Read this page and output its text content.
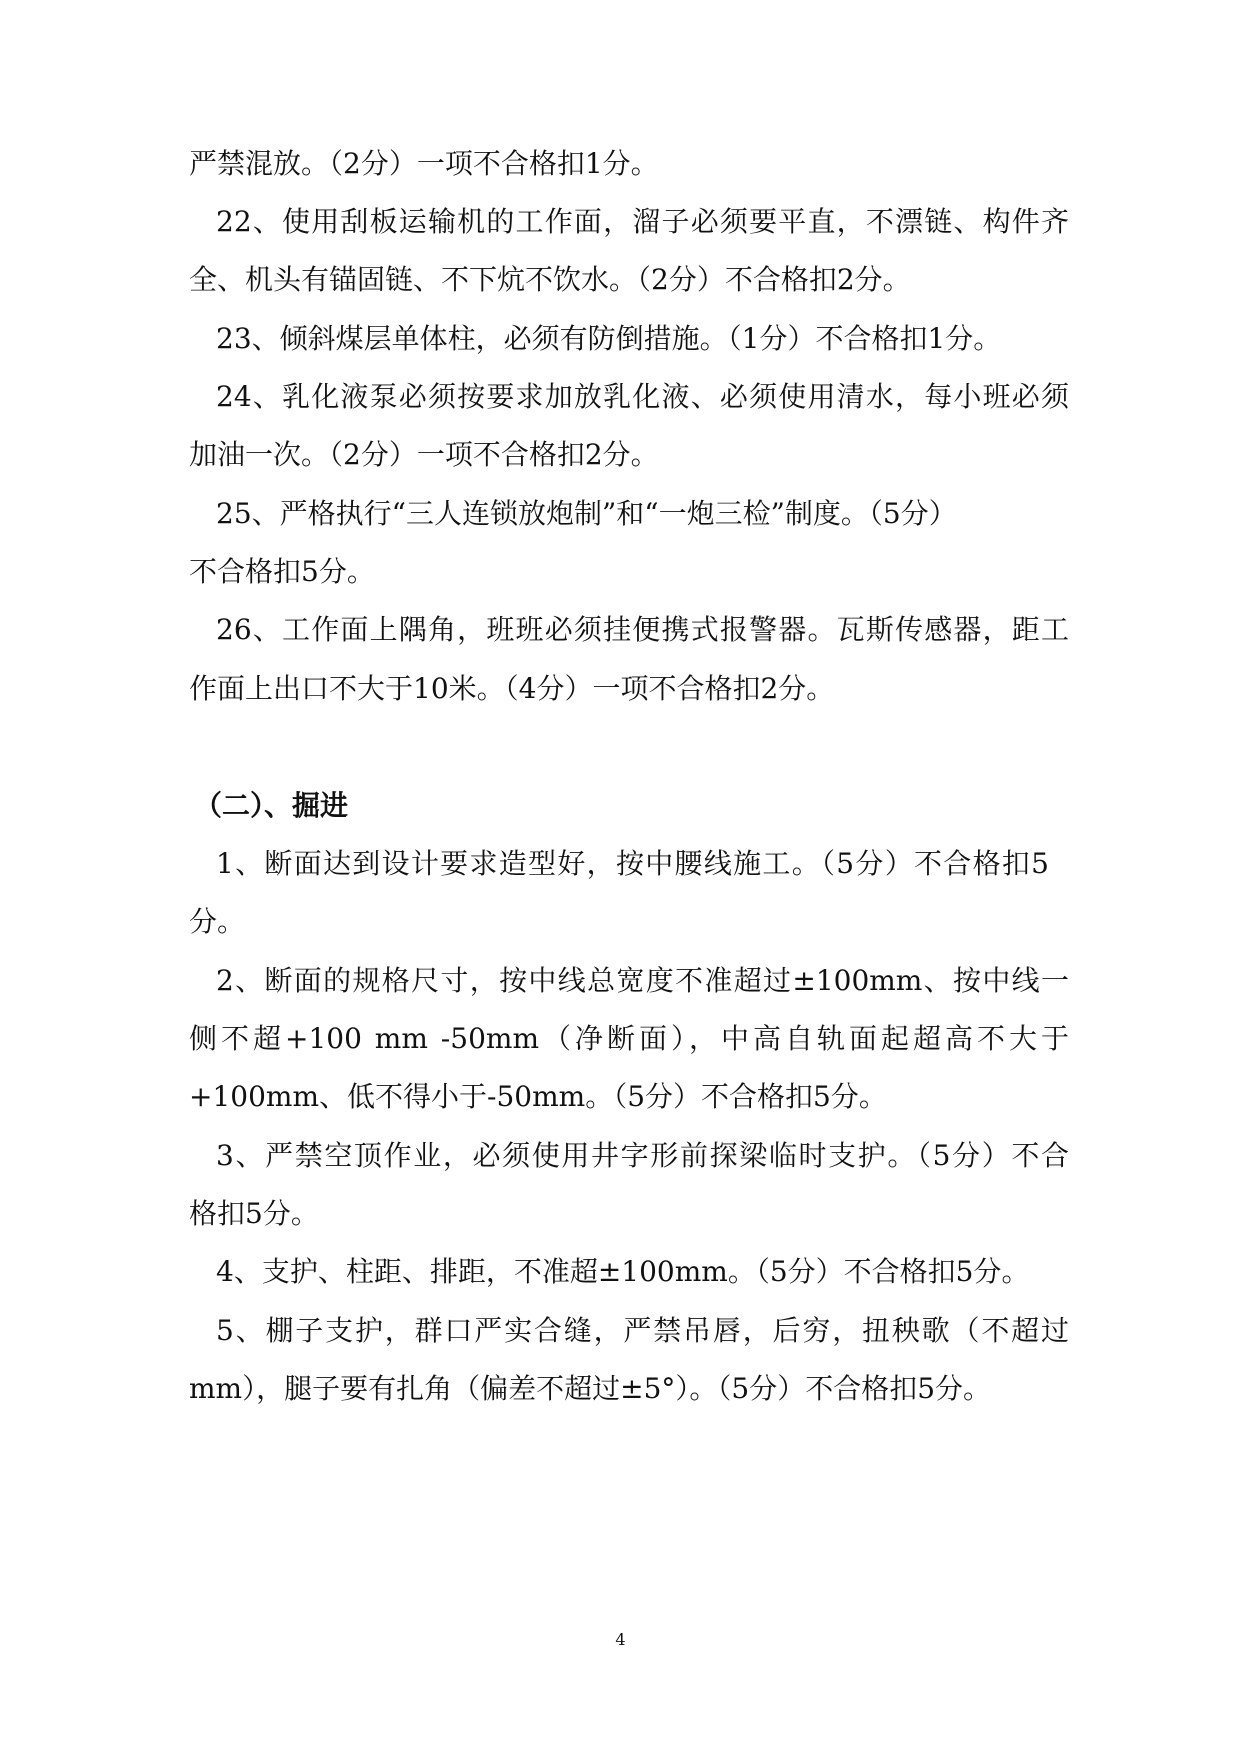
严禁混放。（2分）一项不合格扣1分。
22、使用刮板运输机的工作面，溜子必须要平直，不漂链、构件齐
全、机头有锚固链、不下炕不饮水。（2分）不合格扣2分。
23、倾斜煤层单体柱，必须有防倒措施。（1分）不合格扣1分。
24、乳化液泵必须按要求加放乳化液、必须使用清水，每小班必须
加油一次。（2分）一项不合格扣2分。
25、严格执行“三人连锁放炮制”和“一炮三检”制度。（5分）
不合格扣5分。
26、工作面上隅角，班班必须挂便携式报警器。瓦斯传感器，距工
作面上出口不大于10米。（4分）一项不合格扣2分。
（二）、掘进
1、断面达到设计要求造型好，按中腰线施工。（5分）不合格扣5
分。
2、断面的规格尺寸，按中线总宽度不准超过±100mm、按中线一
侧不超+100 mm -50mm（净断面），中高自轨面起超高不大于
+100mm、低不得小于-50mm。（5分）不合格扣5分。
3、严禁空顶作业，必须使用井字形前探梁临时支护。（5分）不合
格扣5分。
4、支护、柱距、排距，不准超±100mm。（5分）不合格扣5分。
5、棚子支护，群口严实合缝，严禁吊唇，后穷，扭秧歌（不超过
mm），腿子要有扎角（偏差不超过±5°）。（5分）不合格扣5分。
4
